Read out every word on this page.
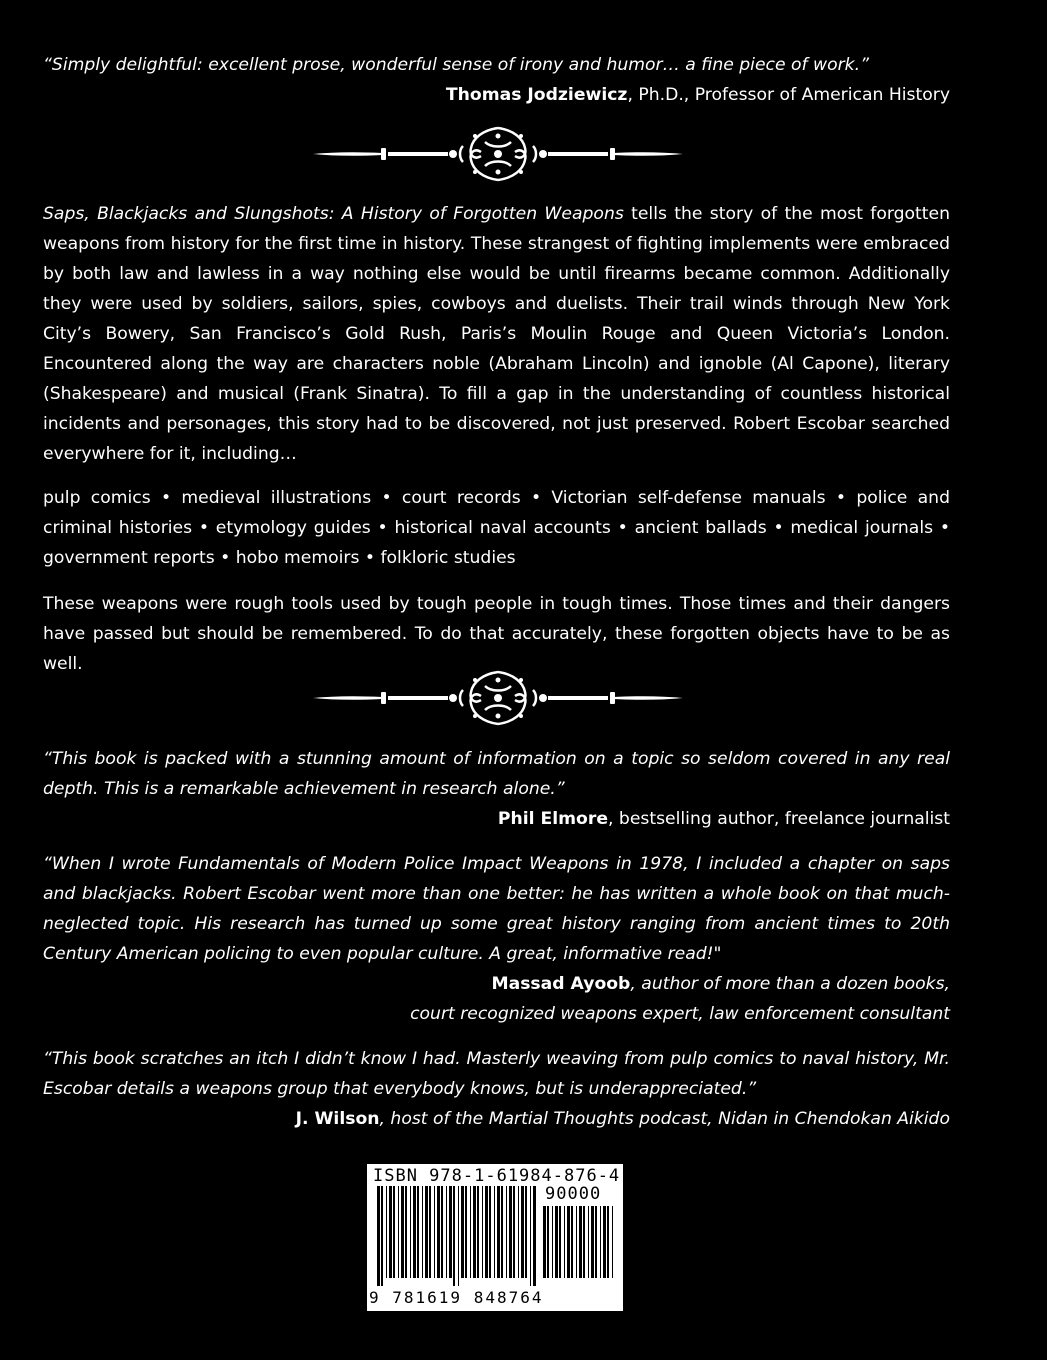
“Simply delightful: excellent prose, wonderful sense of irony and humor… a fine piece of work.”

Thomas Jodziewicz, Ph.D., Professor of American History

Saps, Blackjacks and Slungshots: A History of Forgotten Weapons tells the story of the most forgotten weapons from history for the first time in history. These strangest of fighting implements were embraced by both law and lawless in a way nothing else would be until firearms became common. Additionally they were used by soldiers, sailors, spies, cowboys and duelists. Their trail winds through New York City’s Bowery, San Francisco’s Gold Rush, Paris’s Moulin Rouge and Queen Victoria’s London. Encountered along the way are characters noble (Abraham Lincoln) and ignoble (Al Capone), literary (Shakespeare) and musical (Frank Sinatra). To fill a gap in the understanding of countless historical incidents and personages, this story had to be discovered, not just preserved. Robert Escobar searched everywhere for it, including…

pulp comics • medieval illustrations • court records • Victorian self-defense manuals • police and criminal histories • etymology guides • historical naval accounts • ancient ballads • medical journals • government reports • hobo memoirs • folkloric studies

These weapons were rough tools used by tough people in tough times. Those times and their dangers have passed but should be remembered. To do that accurately, these forgotten objects have to be as well.

“This book is packed with a stunning amount of information on a topic so seldom covered in any real depth. This is a remarkable achievement in research alone.”

Phil Elmore, bestselling author, freelance journalist

“When I wrote Fundamentals of Modern Police Impact Weapons in 1978, I included a chapter on saps and blackjacks. Robert Escobar went more than one better: he has written a whole book on that much-neglected topic. His research has turned up some great history ranging from ancient times to 20th Century American policing to even popular culture. A great, informative read!"

Massad Ayoob, author of more than a dozen books,

court recognized weapons expert, law enforcement consultant

“This book scratches an itch I didn’t know I had. Masterly weaving from pulp comics to naval history, Mr. Escobar details a weapons group that everybody knows, but is underappreciated.”

J. Wilson, host of the Martial Thoughts podcast, Nidan in Chendokan Aikido

ISBN 978-1-61984-876-4
90000
9 781619 848764
